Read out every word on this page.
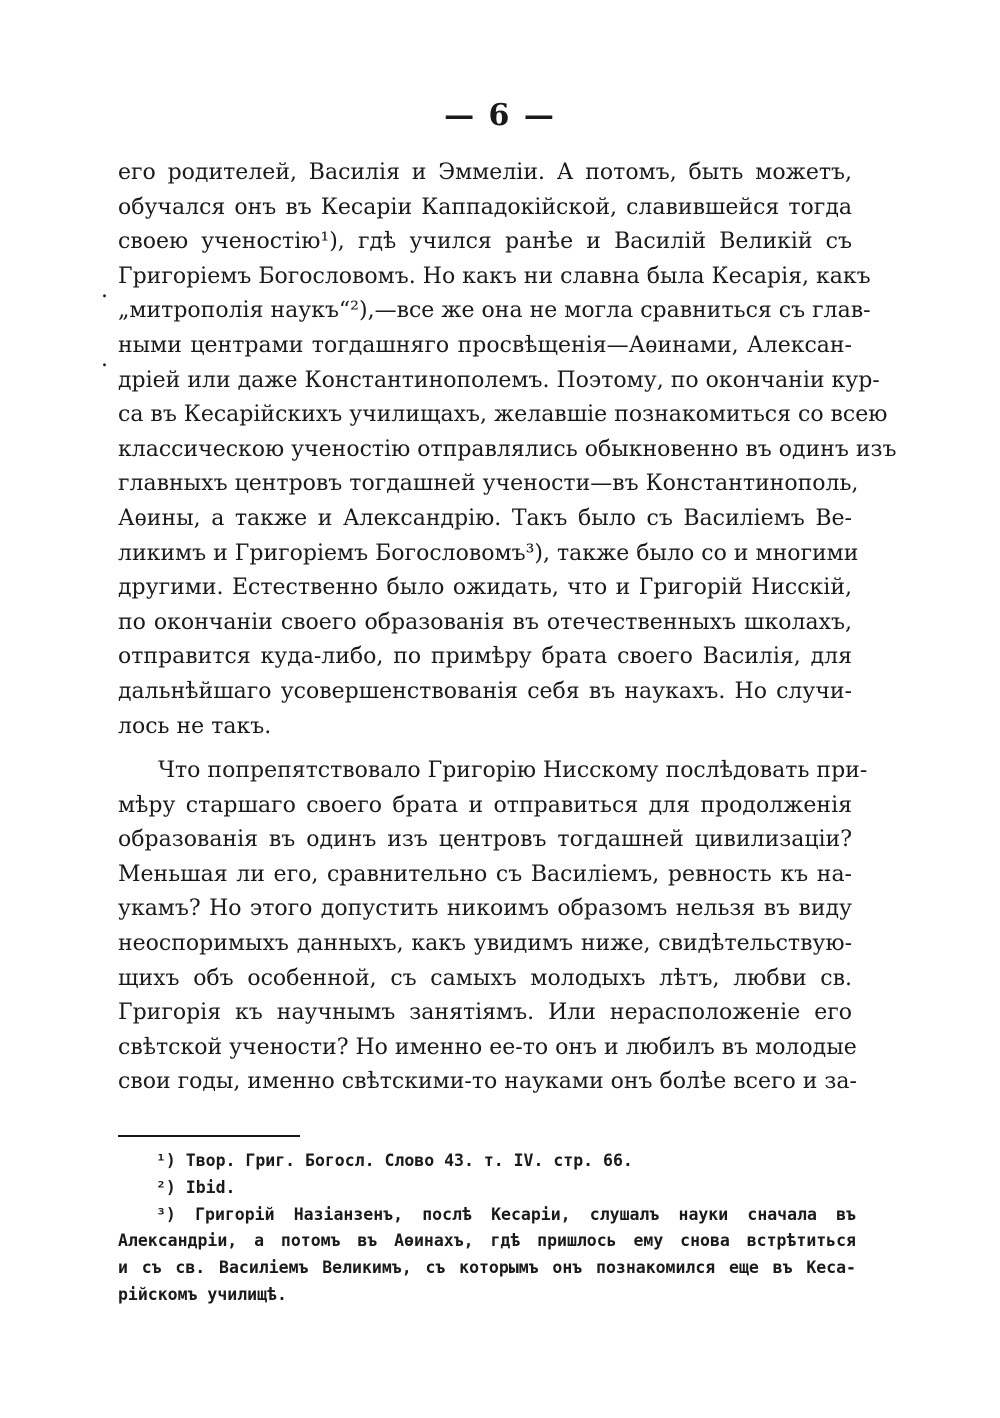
— 6 —
.
.
его родителей, Василія и Эммеліи. А потомъ, быть можетъ,
обучался онъ въ Кесаріи Каппадокійской, славившейся тогда
своею ученостію¹), гдѣ учился ранѣе и Василій Великій съ
Григоріемъ Богословомъ. Но какъ ни славна была Кесарія, какъ
„митрополія наукъ“²),—все же она не могла сравниться съ глав-
ными центрами тогдашняго просвѣщенія—Аѳинами, Алексан-
дріей или даже Константинополемъ. Поэтому, по окончаніи кур-
са въ Кесарійскихъ училищахъ, желавшіе познакомиться со всею
классическою ученостію отправлялись обыкновенно въ одинъ изъ
главныхъ центровъ тогдашней учености—въ Константинополь,
Аѳины, а также и Александрію. Такъ было съ Василіемъ Ве-
ликимъ и Григоріемъ Богословомъ³), также было со и многими
другими. Естественно было ожидать, что и Григорій Нисскій,
по окончаніи своего образованія въ отечественныхъ школахъ,
отправится куда-либо, по примѣру брата своего Василія, для
дальнѣйшаго усовершенствованія себя въ наукахъ. Но случи-
лось не такъ.
Что попрепятствовало Григорію Нисскому послѣдовать при-
мѣру старшаго своего брата и отправиться для продолженія
образованія въ одинъ изъ центровъ тогдашней цивилизаціи?
Меньшая ли его, сравнительно съ Василіемъ, ревность къ на-
укамъ? Но этого допустить никоимъ образомъ нельзя въ виду
неоспоримыхъ данныхъ, какъ увидимъ ниже, свидѣтельствую-
щихъ объ особенной, съ самыхъ молодыхъ лѣтъ, любви св.
Григорія къ научнымъ занятіямъ. Или нерасположеніе его
свѣтской учености? Но именно ее-то онъ и любилъ въ молодые
свои годы, именно свѣтскими-то науками онъ болѣе всего и за-
¹) Твор. Григ. Богосл. Слово 43. т. IV. стр. 66.
²) Ibid.
³) Григорій Назіанзенъ, послѣ Кесаріи, слушалъ науки сначала въ
Александріи, а потомъ въ Аѳинахъ, гдѣ пришлось ему снова встрѣтиться
и съ св. Василіемъ Великимъ, съ которымъ онъ познакомился еще въ Кеса-
рійскомъ училищѣ.
